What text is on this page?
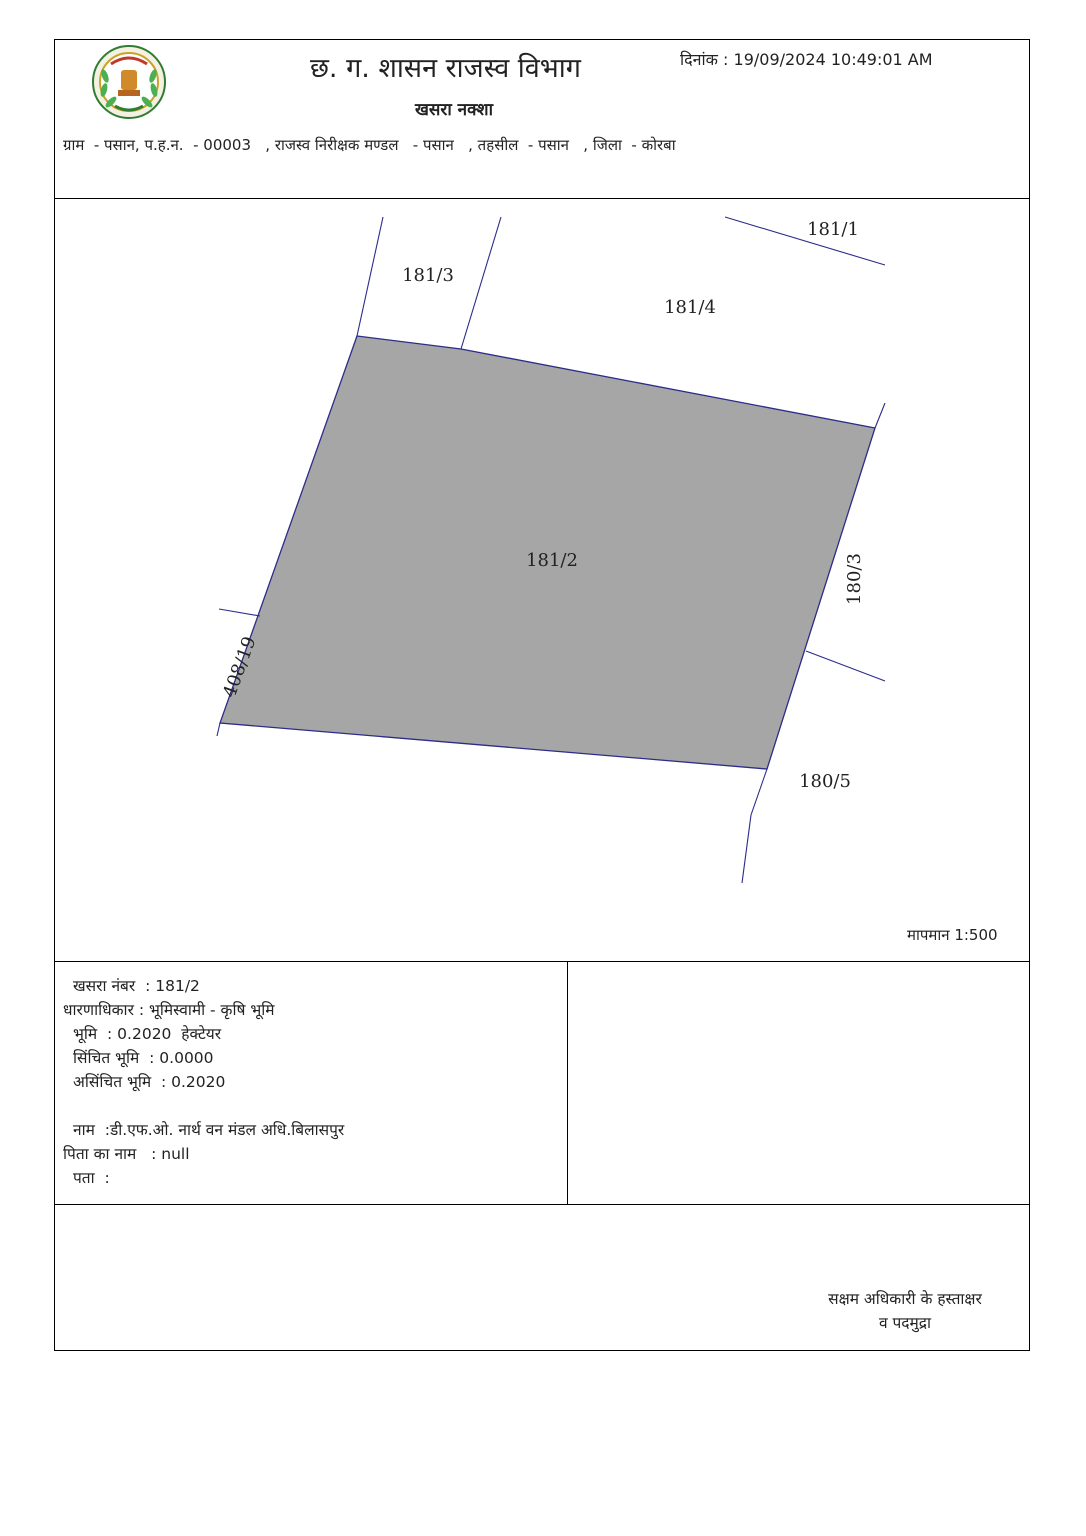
छ. ग. शासन राजस्व विभाग
खसरा नक्शा
दिनांक : 19/09/2024 10:49:01 AM
ग्राम  - पसान, प.ह.न.  - 00003   , राजस्व निरीक्षक मण्डल   - पसान   , तहसील  - पसान   , जिला  - कोरबा
181/2
181/1
181/3
181/4
180/3
408/19
180/5
मापमान 1:500
खसरा नंबर  : 181/2
धारणाधिकार : भूमिस्वामी - कृषि भूमि
भूमि  : 0.2020  हेक्टेयर
सिंचित भूमि  : 0.0000
असिंचित भूमि  : 0.2020
नाम  :डी.एफ.ओ. नार्थ वन मंडल अधि.बिलासपुर
पिता का नाम   : null
पता  :
सक्षम अधिकारी के हस्ताक्षर
व पदमुद्रा
